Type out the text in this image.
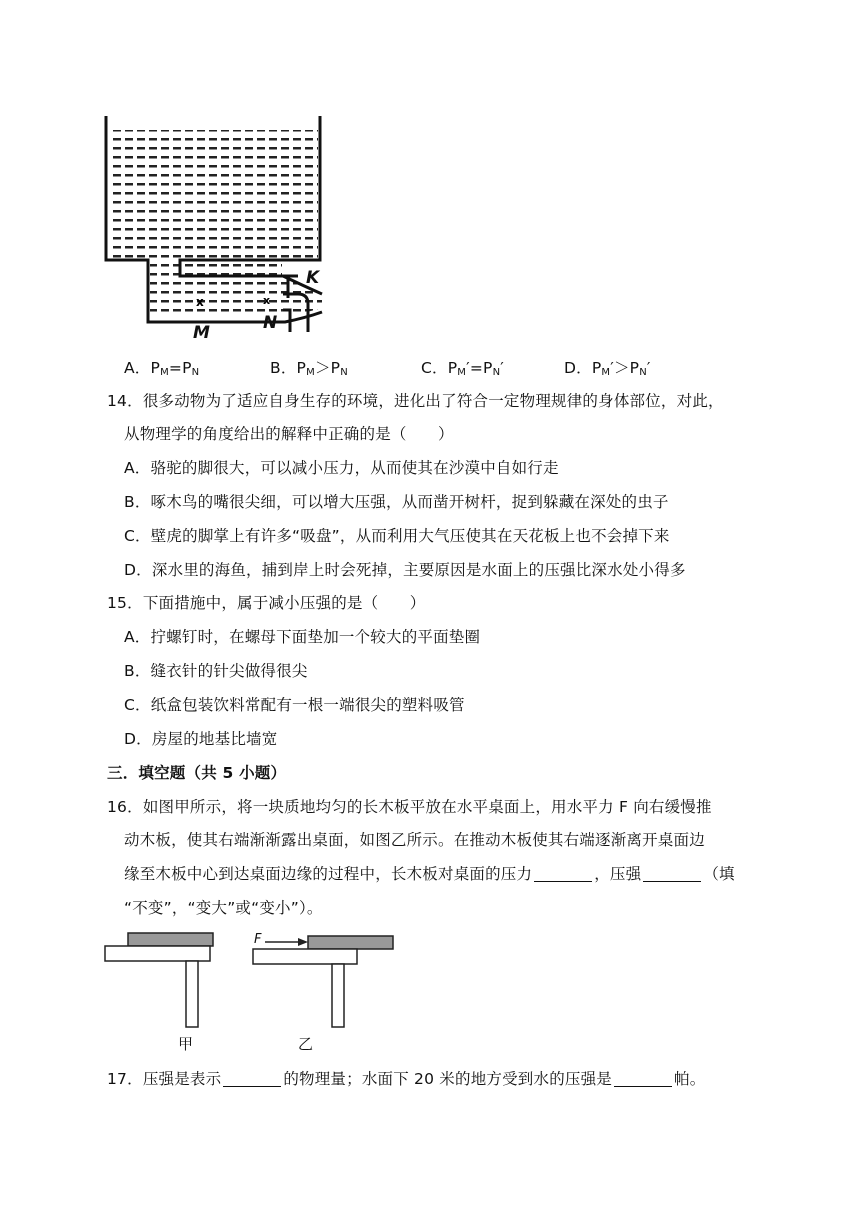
x	x
K
M	N
A．$P_M=P_N$	B．$P_M>P_N$	C．$P_M'=P_N'$	D．$P_M'>P_N'$
14．很多动物为了适应自身生存的环境，进化出了符合一定物理规律的身体部位，对此，
从物理学的角度给出的解释中正确的是（　　）
A．骆驼的脚很大，可以减小压力，从而使其在沙漠中自如行走
B．啄木鸟的嘴很尖细，可以增大压强，从而凿开树杆，捉到躲藏在深处的虫子
C．壁虎的脚掌上有许多“吸盘”，从而利用大气压使其在天花板上也不会掉下来
D．深水里的海鱼，捕到岸上时会死掉，主要原因是水面上的压强比深水处小得多
15．下面措施中，属于减小压强的是（　　）
A．拧螺钉时，在螺母下面垫加一个较大的平面垫圈
B．缝衣针的针尖做得很尖
C．纸盒包装饮料常配有一根一端很尖的塑料吸管
D．房屋的地基比墙宽
三．填空题（共 5 小题）
16．如图甲所示，将一块质地均匀的长木板平放在水平桌面上，用水平力 F 向右缓慢推
动木板，使其右端渐渐露出桌面，如图乙所示。在推动木板使其右端逐渐离开桌面边
缘至木板中心到达桌面边缘的过程中，长木板对桌面的压力	，压强	（填
“不变”，“变大”或“变小”）。
F
甲	乙
17．压强是表示	的物理量；水面下 20 米的地方受到水的压强是	帕。
